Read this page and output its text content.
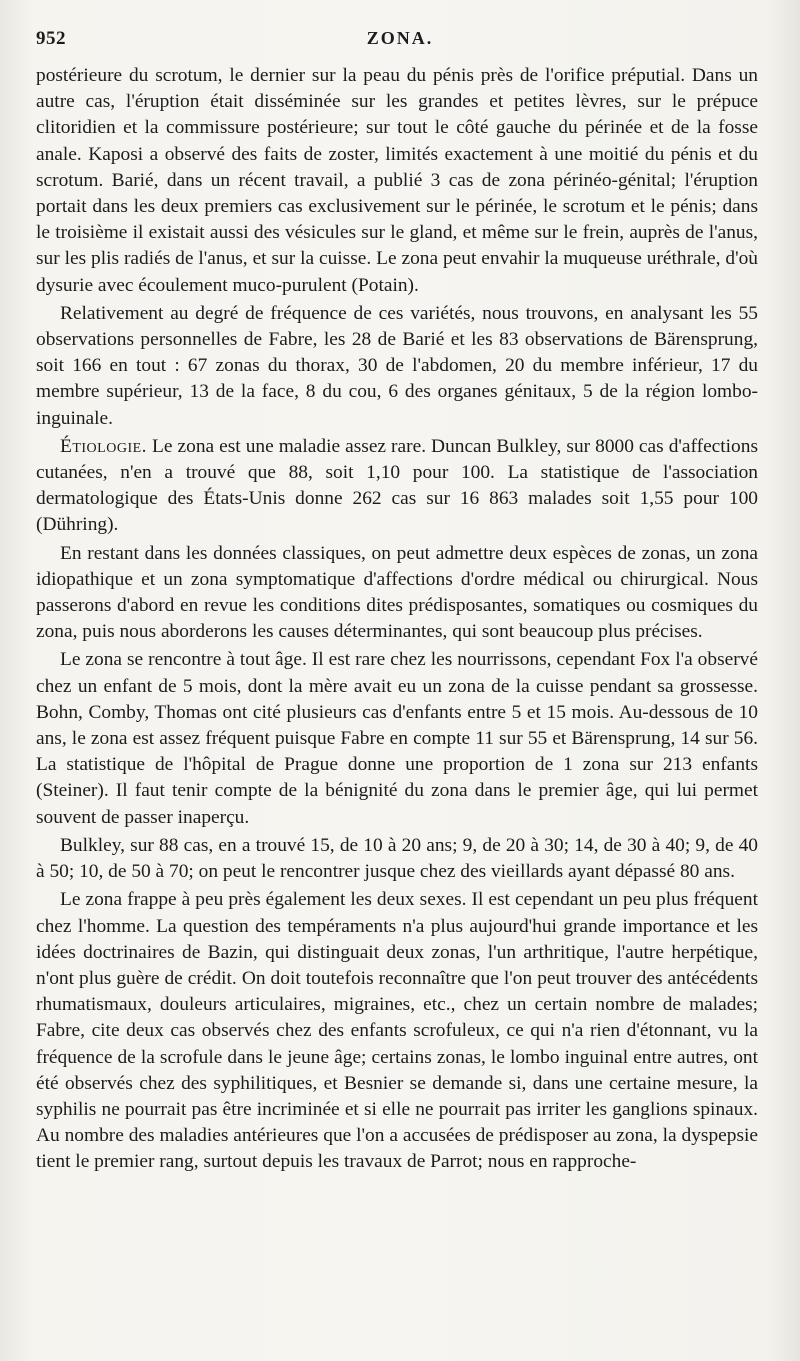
952	ZONA.

postérieure du scrotum, le dernier sur la peau du pénis près de l'orifice préputial. Dans un autre cas, l'éruption était disséminée sur les grandes et petites lèvres, sur le prépuce clitoridien et la commissure postérieure; sur tout le côté gauche du périnée et de la fosse anale. Kaposi a observé des faits de zoster, limités exactement à une moitié du pénis et du scrotum. Barié, dans un récent travail, a publié 3 cas de zona périnéo-génital; l'éruption portait dans les deux premiers cas exclusivement sur le périnée, le scrotum et le pénis; dans le troisième il existait aussi des vésicules sur le gland, et même sur le frein, auprès de l'anus, sur les plis radiés de l'anus, et sur la cuisse. Le zona peut envahir la muqueuse uréthrale, d'où dysurie avec écoulement muco-purulent (Potain).

Relativement au degré de fréquence de ces variétés, nous trouvons, en analysant les 55 observations personnelles de Fabre, les 28 de Barié et les 83 observations de Bärensprung, soit 166 en tout : 67 zonas du thorax, 30 de l'abdomen, 20 du membre inférieur, 17 du membre supérieur, 13 de la face, 8 du cou, 6 des organes génitaux, 5 de la région lombo-inguinale.

Étiologie. Le zona est une maladie assez rare. Duncan Bulkley, sur 8000 cas d'affections cutanées, n'en a trouvé que 88, soit 1,10 pour 100. La statistique de l'association dermatologique des États-Unis donne 262 cas sur 16 863 malades soit 1,55 pour 100 (Dühring).

En restant dans les données classiques, on peut admettre deux espèces de zonas, un zona idiopathique et un zona symptomatique d'affections d'ordre médical ou chirurgical. Nous passerons d'abord en revue les conditions dites prédisposantes, somatiques ou cosmiques du zona, puis nous aborderons les causes déterminantes, qui sont beaucoup plus précises.

Le zona se rencontre à tout âge. Il est rare chez les nourrissons, cependant Fox l'a observé chez un enfant de 5 mois, dont la mère avait eu un zona de la cuisse pendant sa grossesse. Bohn, Comby, Thomas ont cité plusieurs cas d'enfants entre 5 et 15 mois. Au-dessous de 10 ans, le zona est assez fréquent puisque Fabre en compte 11 sur 55 et Bärensprung, 14 sur 56. La statistique de l'hôpital de Prague donne une proportion de 1 zona sur 213 enfants (Steiner). Il faut tenir compte de la bénignité du zona dans le premier âge, qui lui permet souvent de passer inaperçu.

Bulkley, sur 88 cas, en a trouvé 15, de 10 à 20 ans; 9, de 20 à 30; 14, de 30 à 40; 9, de 40 à 50; 10, de 50 à 70; on peut le rencontrer jusque chez des vieillards ayant dépassé 80 ans.

Le zona frappe à peu près également les deux sexes. Il est cependant un peu plus fréquent chez l'homme. La question des tempéraments n'a plus aujourd'hui grande importance et les idées doctrinaires de Bazin, qui distinguait deux zonas, l'un arthritique, l'autre herpétique, n'ont plus guère de crédit. On doit toutefois reconnaître que l'on peut trouver des antécédents rhumatismaux, douleurs articulaires, migraines, etc., chez un certain nombre de malades; Fabre, cite deux cas observés chez des enfants scrofuleux, ce qui n'a rien d'étonnant, vu la fréquence de la scrofule dans le jeune âge; certains zonas, le lombo inguinal entre autres, ont été observés chez des syphilitiques, et Besnier se demande si, dans une certaine mesure, la syphilis ne pourrait pas être incriminée et si elle ne pourrait pas irriter les ganglions spinaux. Au nombre des maladies antérieures que l'on a accusées de prédisposer au zona, la dyspepsie tient le premier rang, surtout depuis les travaux de Parrot; nous en rapproche-
